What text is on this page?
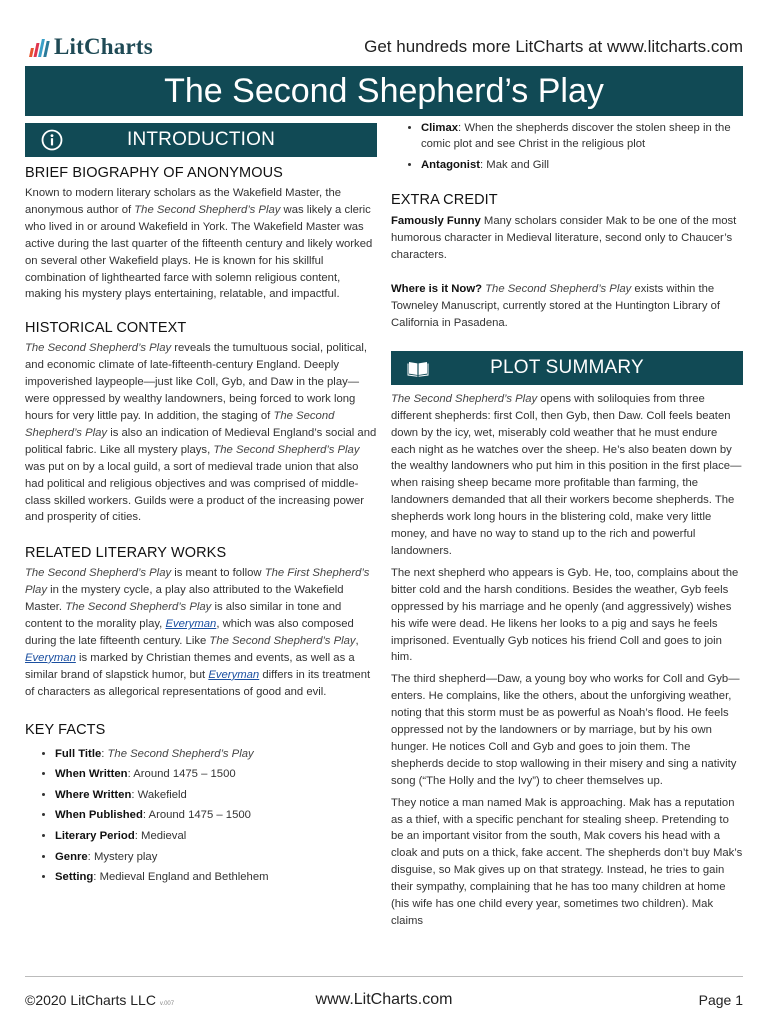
LitCharts	Get hundreds more LitCharts at www.litcharts.com
The Second Shepherd’s Play
INTRODUCTION
BRIEF BIOGRAPHY OF ANONYMOUS

Known to modern literary scholars as the Wakefield Master, the anonymous author of The Second Shepherd’s Play was likely a cleric who lived in or around Wakefield in York. The Wakefield Master was active during the last quarter of the fifteenth century and likely worked on several other Wakefield plays. He is known for his skillful combination of lighthearted farce with solemn religious content, making his mystery plays entertaining, relatable, and impactful.

HISTORICAL CONTEXT

The Second Shepherd’s Play reveals the tumultuous social, political, and economic climate of late-fifteenth-century England. Deeply impoverished laypeople—just like Coll, Gyb, and Daw in the play—were oppressed by wealthy landowners, being forced to work long hours for very little pay. In addition, the staging of The Second Shepherd’s Play is also an indication of Medieval England’s social and political fabric. Like all mystery plays, The Second Shepherd’s Play was put on by a local guild, a sort of medieval trade union that also had political and religious objectives and was comprised of middle-class skilled workers. Guilds were a product of the increasing power and prosperity of cities.

RELATED LITERARY WORKS

The Second Shepherd’s Play is meant to follow The First Shepherd’s Play in the mystery cycle, a play also attributed to the Wakefield Master. The Second Shepherd’s Play is also similar in tone and content to the morality play, Everyman, which was also composed during the late fifteenth century. Like The Second Shepherd’s Play, Everyman is marked by Christian themes and events, as well as a similar brand of slapstick humor, but Everyman differs in its treatment of characters as allegorical representations of good and evil.

KEY FACTS
• Full Title: The Second Shepherd’s Play
• When Written: Around 1475 – 1500
• Where Written: Wakefield
• When Published: Around 1475 – 1500
• Literary Period: Medieval
• Genre: Mystery play
• Setting: Medieval England and Bethlehem
• Climax: When the shepherds discover the stolen sheep in the comic plot and see Christ in the religious plot
• Antagonist: Mak and Gill
EXTRA CREDIT

Famously Funny Many scholars consider Mak to be one of the most humorous character in Medieval literature, second only to Chaucer’s characters.

Where is it Now? The Second Shepherd’s Play exists within the Towneley Manuscript, currently stored at the Huntington Library of California in Pasadena.

PLOT SUMMARY

The Second Shepherd’s Play opens with soliloquies from three different shepherds: first Coll, then Gyb, then Daw. Coll feels beaten down by the icy, wet, miserably cold weather that he must endure each night as he watches over the sheep. He’s also beaten down by the wealthy landowners who put him in this position in the first place—when raising sheep became more profitable than farming, the landowners demanded that all their workers become shepherds. The shepherds work long hours in the blistering cold, make very little money, and have no way to stand up to the rich and powerful landowners.

The next shepherd who appears is Gyb. He, too, complains about the bitter cold and the harsh conditions. Besides the weather, Gyb feels oppressed by his marriage and he openly (and aggressively) wishes his wife were dead. He likens her looks to a pig and says he feels imprisoned. Eventually Gyb notices his friend Coll and goes to join him.

The third shepherd—Daw, a young boy who works for Coll and Gyb—enters. He complains, like the others, about the unforgiving weather, noting that this storm must be as powerful as Noah’s flood. He feels oppressed not by the landowners or by marriage, but by his own hunger. He notices Coll and Gyb and goes to join them. The shepherds decide to stop wallowing in their misery and sing a nativity song (“The Holly and the Ivy”) to cheer themselves up.

They notice a man named Mak is approaching. Mak has a reputation as a thief, with a specific penchant for stealing sheep. Pretending to be an important visitor from the south, Mak covers his head with a cloak and puts on a thick, fake accent. The shepherds don’t buy Mak’s disguise, so Mak gives up on that strategy. Instead, he tries to gain their sympathy, complaining that he has too many children at home (his wife has one child every year, sometimes two children). Mak claims

©2020 LitCharts LLC v.007	www.LitCharts.com	Page 1
